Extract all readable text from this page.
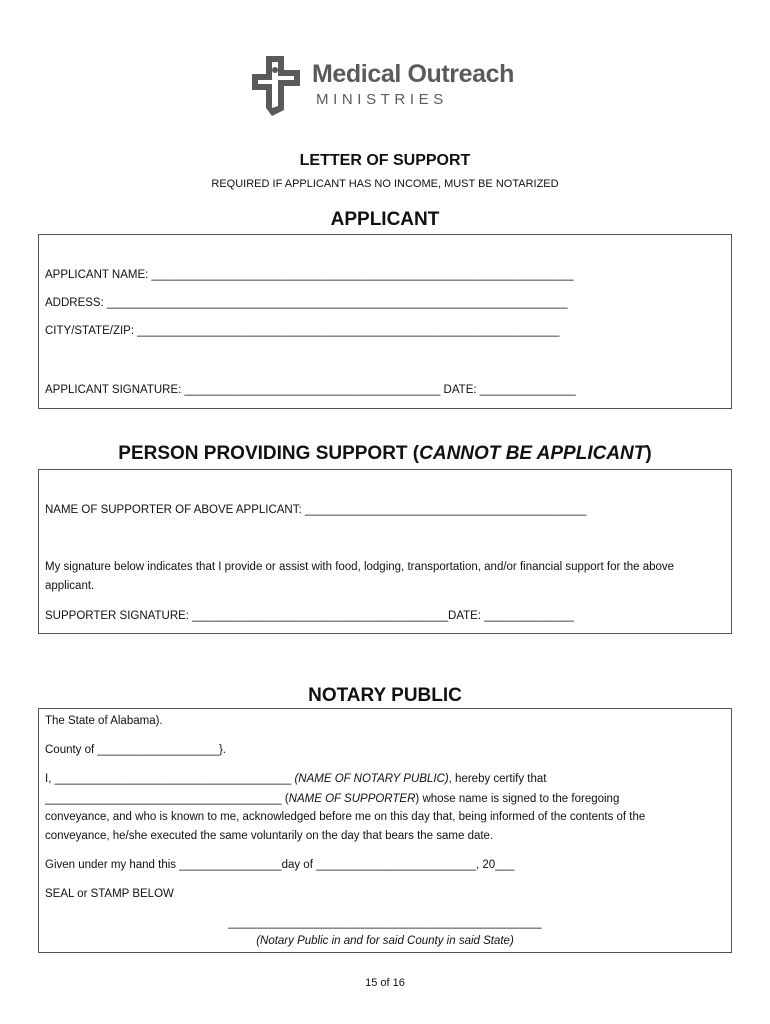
Medical Outreach
MINISTRIES
LETTER OF SUPPORT
REQUIRED IF APPLICANT HAS NO INCOME, MUST BE NOTARIZED
APPLICANT
APPLICANT NAME: __________________________________________________________________
ADDRESS: ________________________________________________________________________
CITY/STATE/ZIP: __________________________________________________________________
APPLICANT SIGNATURE: ________________________________________ DATE: _______________
PERSON PROVIDING SUPPORT (CANNOT BE APPLICANT)
NAME OF SUPPORTER OF ABOVE APPLICANT: ____________________________________________
My signature below indicates that I provide or assist with food, lodging, transportation, and/or financial support for the above applicant.
SUPPORTER SIGNATURE: ________________________________________DATE: ______________
NOTARY PUBLIC
The State of Alabama).
County of ___________________}.
I, _____________________________________ (NAME OF NOTARY PUBLIC), hereby certify that
_____________________________________ (NAME OF SUPPORTER) whose name is signed to the foregoing
conveyance, and who is known to me, acknowledged before me on this day that, being informed of the contents of the
conveyance, he/she executed the same voluntarily on the day that bears the same date.
Given under my hand this ________________day of _________________________, 20___
SEAL or STAMP BELOW
_________________________________________________
(Notary Public in and for said County in said State)
15 of 16
